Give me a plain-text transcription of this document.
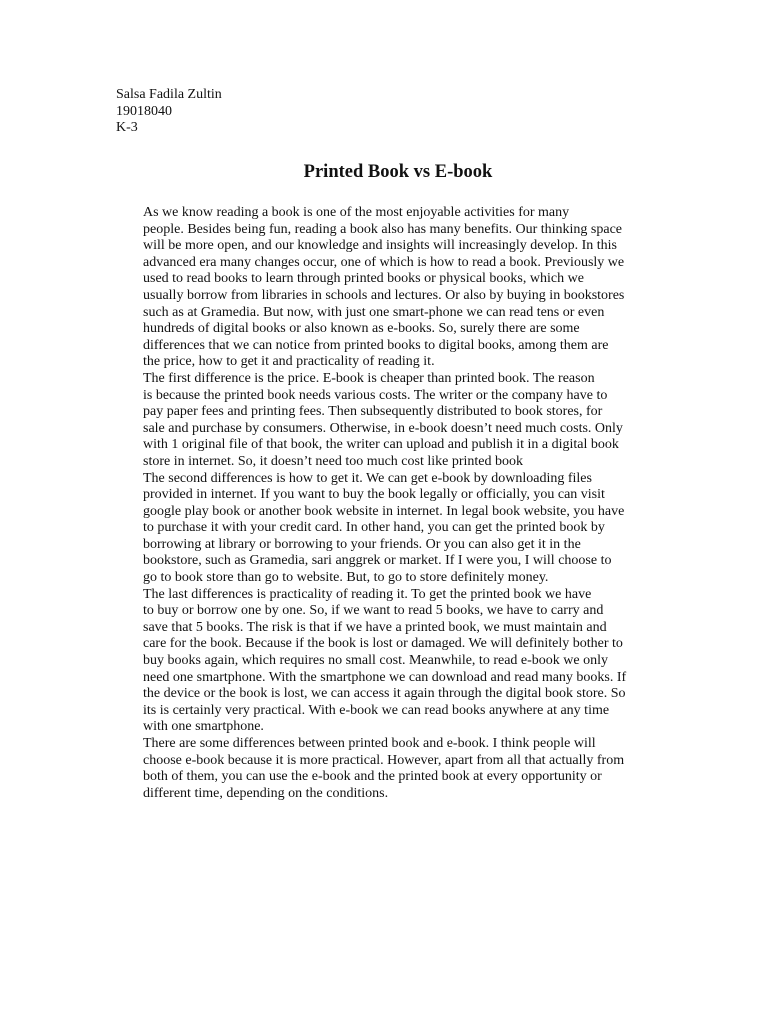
Salsa Fadila Zultin
19018040
K-3
Printed Book vs E-book

As we know reading a book is one of the most enjoyable activities for many
people. Besides being fun, reading a book also has many benefits. Our thinking space
will be more open, and our knowledge and insights will increasingly develop. In this
advanced era many changes occur, one of which is how to read a book. Previously we
used to read books to learn through printed books or physical books, which we
usually borrow from libraries in schools and lectures. Or also by buying in bookstores
such as at Gramedia. But now, with just one smart-phone we can read tens or even
hundreds of digital books or also known as e-books. So, surely there are some
differences that we can notice from printed books to digital books, among them are
the price, how to get it and practicality of reading it.

The first difference is the price. E-book is cheaper than printed book. The reason
is because the printed book needs various costs. The writer or the company have to
pay paper fees and printing fees. Then subsequently distributed to book stores, for
sale and purchase by consumers. Otherwise, in e-book doesn’t need much costs. Only
with 1 original file of that book, the writer can upload and publish it in a digital book
store in internet. So, it doesn’t need too much cost like printed book

The second differences is how to get it. We can get e-book by downloading files
provided in internet. If you want to buy the book legally or officially, you can visit
google play book or another book website in internet. In legal book website, you have
to purchase it with your credit card. In other hand, you can get the printed book by
borrowing at library or borrowing to your friends. Or you can also get it in the
bookstore, such as Gramedia, sari anggrek or market. If I were you, I will choose to
go to book store than go to website. But, to go to store definitely money.

The last differences is practicality of reading it. To get the printed book we have
to buy or borrow one by one. So, if we want to read 5 books, we have to carry and
save that 5 books. The risk is that if we have a printed book, we must maintain and
care for the book. Because if the book is lost or damaged. We will definitely bother to
buy books again, which requires no small cost. Meanwhile, to read e-book we only
need one smartphone. With the smartphone we can download and read many books. If
the device or the book is lost, we can access it again through the digital book store. So
its is certainly very practical. With e-book we can read books anywhere at any time
with one smartphone.

There are some differences between printed book and e-book. I think people will
choose e-book because it is more practical. However, apart from all that actually from
both of them, you can use the e-book and the printed book at every opportunity or
different time, depending on the conditions.
